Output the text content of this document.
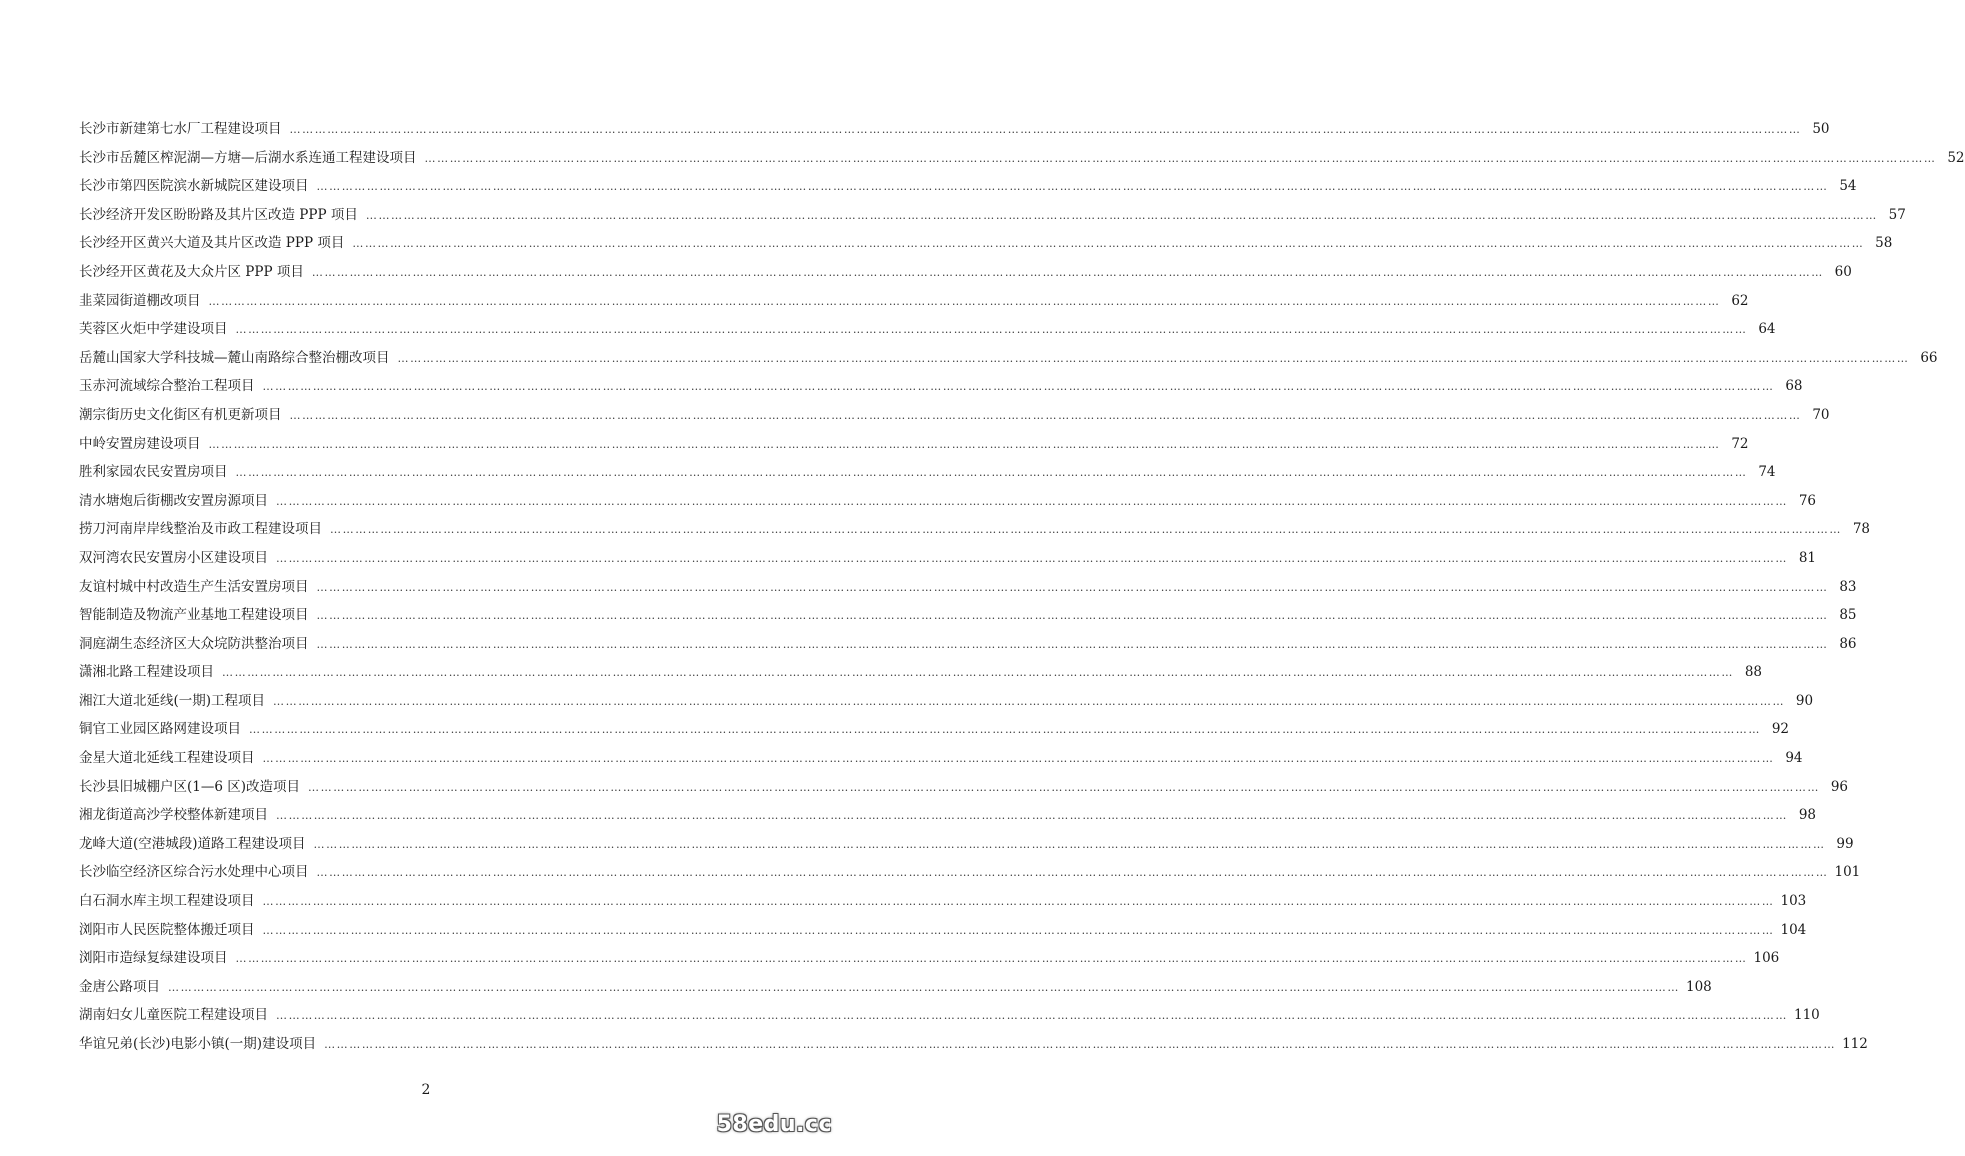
长沙市新建第七水厂工程建设项目 ……………………………………………………………………………………………………………………………………………………………………………………………………………………………………………………………………………………………………………………………… 50
长沙市岳麓区榨泥湖—方塘—后湖水系连通工程建设项目 ……………………………………………………………………………………………………………………………………………………………………………………………………………………………………………………………………………………………………………………………… 52
长沙市第四医院滨水新城院区建设项目 ……………………………………………………………………………………………………………………………………………………………………………………………………………………………………………………………………………………………………………………………… 54
长沙经济开发区盼盼路及其片区改造 PPP 项目 ……………………………………………………………………………………………………………………………………………………………………………………………………………………………………………………………………………………………………………………………… 57
长沙经开区黄兴大道及其片区改造 PPP 项目 ……………………………………………………………………………………………………………………………………………………………………………………………………………………………………………………………………………………………………………………………… 58
长沙经开区黄花及大众片区 PPP 项目 ……………………………………………………………………………………………………………………………………………………………………………………………………………………………………………………………………………………………………………………………… 60
韭菜园街道棚改项目 ……………………………………………………………………………………………………………………………………………………………………………………………………………………………………………………………………………………………………………………………… 62
芙蓉区火炬中学建设项目 ……………………………………………………………………………………………………………………………………………………………………………………………………………………………………………………………………………………………………………………………… 64
岳麓山国家大学科技城—麓山南路综合整治棚改项目 ……………………………………………………………………………………………………………………………………………………………………………………………………………………………………………………………………………………………………………………………… 66
玉赤河流域综合整治工程项目 ……………………………………………………………………………………………………………………………………………………………………………………………………………………………………………………………………………………………………………………………… 68
潮宗街历史文化街区有机更新项目 ……………………………………………………………………………………………………………………………………………………………………………………………………………………………………………………………………………………………………………………………… 70
中岭安置房建设项目 ……………………………………………………………………………………………………………………………………………………………………………………………………………………………………………………………………………………………………………………………… 72
胜利家园农民安置房项目 ……………………………………………………………………………………………………………………………………………………………………………………………………………………………………………………………………………………………………………………………… 74
清水塘炮后街棚改安置房源项目 ……………………………………………………………………………………………………………………………………………………………………………………………………………………………………………………………………………………………………………………………… 76
捞刀河南岸岸线整治及市政工程建设项目 ……………………………………………………………………………………………………………………………………………………………………………………………………………………………………………………………………………………………………………………………… 78
双河湾农民安置房小区建设项目 ……………………………………………………………………………………………………………………………………………………………………………………………………………………………………………………………………………………………………………………………… 81
友谊村城中村改造生产生活安置房项目 ……………………………………………………………………………………………………………………………………………………………………………………………………………………………………………………………………………………………………………………………… 83
智能制造及物流产业基地工程建设项目 ……………………………………………………………………………………………………………………………………………………………………………………………………………………………………………………………………………………………………………………………… 85
洞庭湖生态经济区大众垸防洪整治项目 ……………………………………………………………………………………………………………………………………………………………………………………………………………………………………………………………………………………………………………………………… 86
潇湘北路工程建设项目 ……………………………………………………………………………………………………………………………………………………………………………………………………………………………………………………………………………………………………………………………… 88
湘江大道北延线(一期)工程项目 ……………………………………………………………………………………………………………………………………………………………………………………………………………………………………………………………………………………………………………………………… 90
铜官工业园区路网建设项目 ……………………………………………………………………………………………………………………………………………………………………………………………………………………………………………………………………………………………………………………………… 92
金星大道北延线工程建设项目 ……………………………………………………………………………………………………………………………………………………………………………………………………………………………………………………………………………………………………………………………… 94
长沙县旧城棚户区(1—6 区)改造项目 ……………………………………………………………………………………………………………………………………………………………………………………………………………………………………………………………………………………………………………………………… 96
湘龙街道高沙学校整体新建项目 ……………………………………………………………………………………………………………………………………………………………………………………………………………………………………………………………………………………………………………………………… 98
龙峰大道(空港城段)道路工程建设项目 ……………………………………………………………………………………………………………………………………………………………………………………………………………………………………………………………………………………………………………………………… 99
长沙临空经济区综合污水处理中心项目 ……………………………………………………………………………………………………………………………………………………………………………………………………………………………………………………………………………………………………………………………… 101
白石洞水库主坝工程建设项目 ……………………………………………………………………………………………………………………………………………………………………………………………………………………………………………………………………………………………………………………………… 103
浏阳市人民医院整体搬迁项目 ……………………………………………………………………………………………………………………………………………………………………………………………………………………………………………………………………………………………………………………………… 104
浏阳市造绿复绿建设项目 ……………………………………………………………………………………………………………………………………………………………………………………………………………………………………………………………………………………………………………………………… 106
金唐公路项目 ……………………………………………………………………………………………………………………………………………………………………………………………………………………………………………………………………………………………………………………………… 108
湖南妇女儿童医院工程建设项目 ……………………………………………………………………………………………………………………………………………………………………………………………………………………………………………………………………………………………………………………………… 110
华谊兄弟(长沙)电影小镇(一期)建设项目 ……………………………………………………………………………………………………………………………………………………………………………………………………………………………………………………………………………………………………………………………… 112
2
58edu.cc
